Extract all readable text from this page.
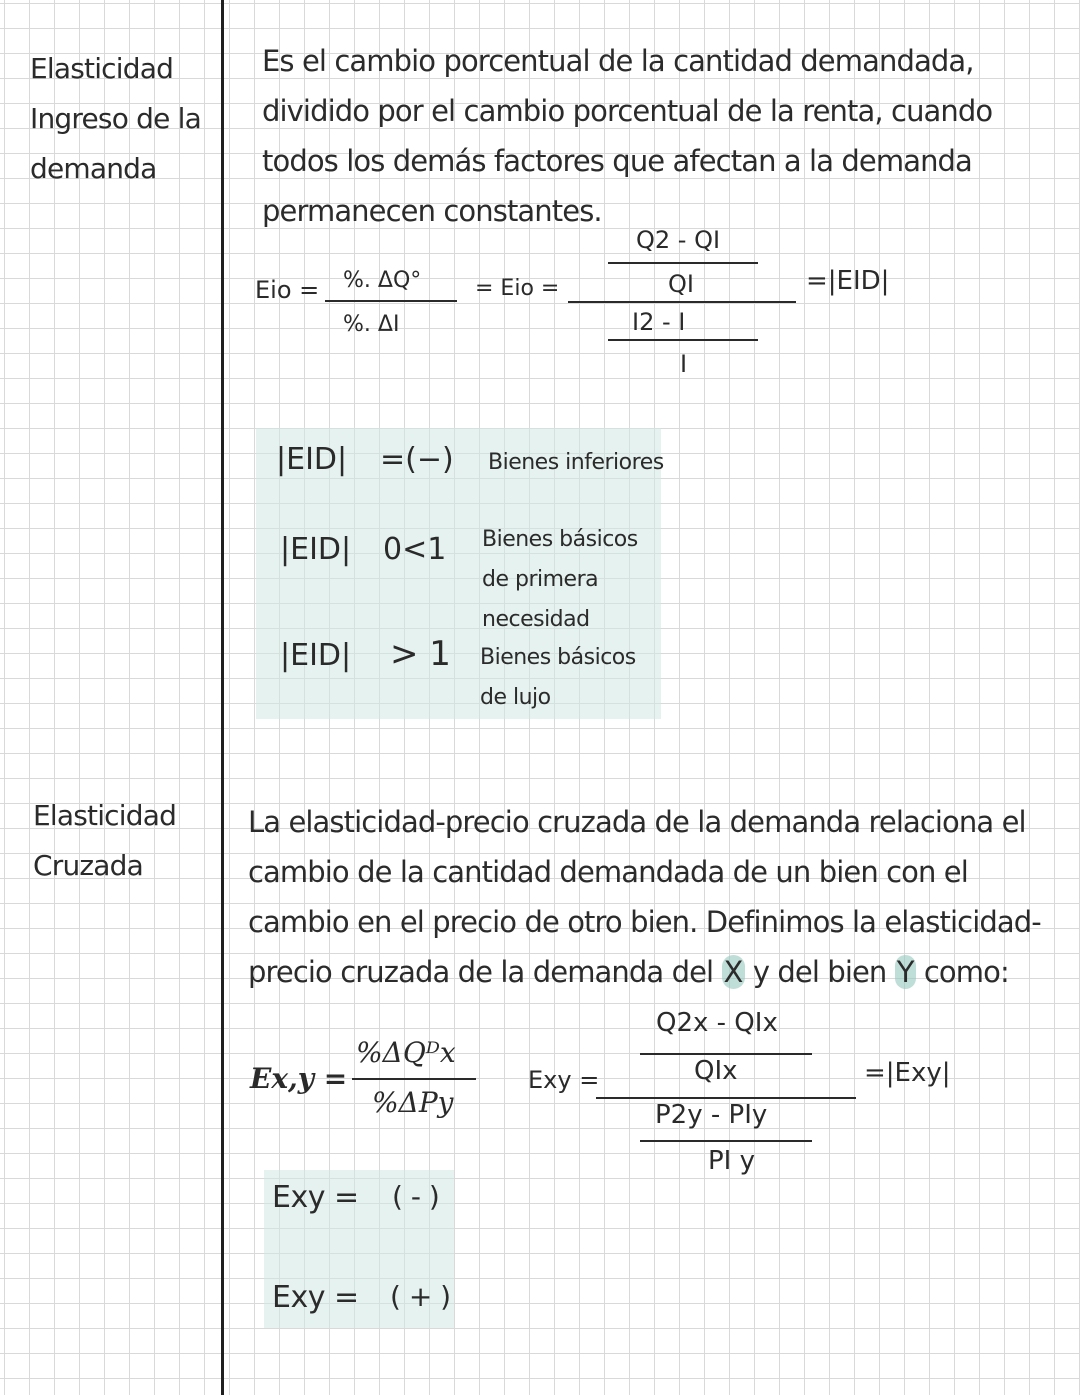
Elasticidad
Ingreso de la
demanda
Es el cambio porcentual de la cantidad demandada, dividido por el cambio porcentual de la renta, cuando todos los demás factores que afectan a la demanda permanecen constantes.
Eio = %. ΔQ°
%. ΔI
= Eio =
Q2 - QI
QI
I2 - I
I
=|EID|
|EID| =(−) Bienes inferiores
|EID| 0<1 Bienes básicos de primera necesidad
|EID| > 1 Bienes básicos de lujo
Elasticidad
Cruzada
La elasticidad-precio cruzada de la demanda relaciona el cambio de la cantidad demandada de un bien con el cambio en el precio de otro bien. Definimos la elasticidad-precio cruzada de la demanda del X y del bien Y como:
Ex,y =
%ΔQᴰx
%ΔPy
Exy =
Q2x - QIx
QIx
P2y - PIy
PI y
=|Exy|
Exy = ( - )
Exy = ( + )
